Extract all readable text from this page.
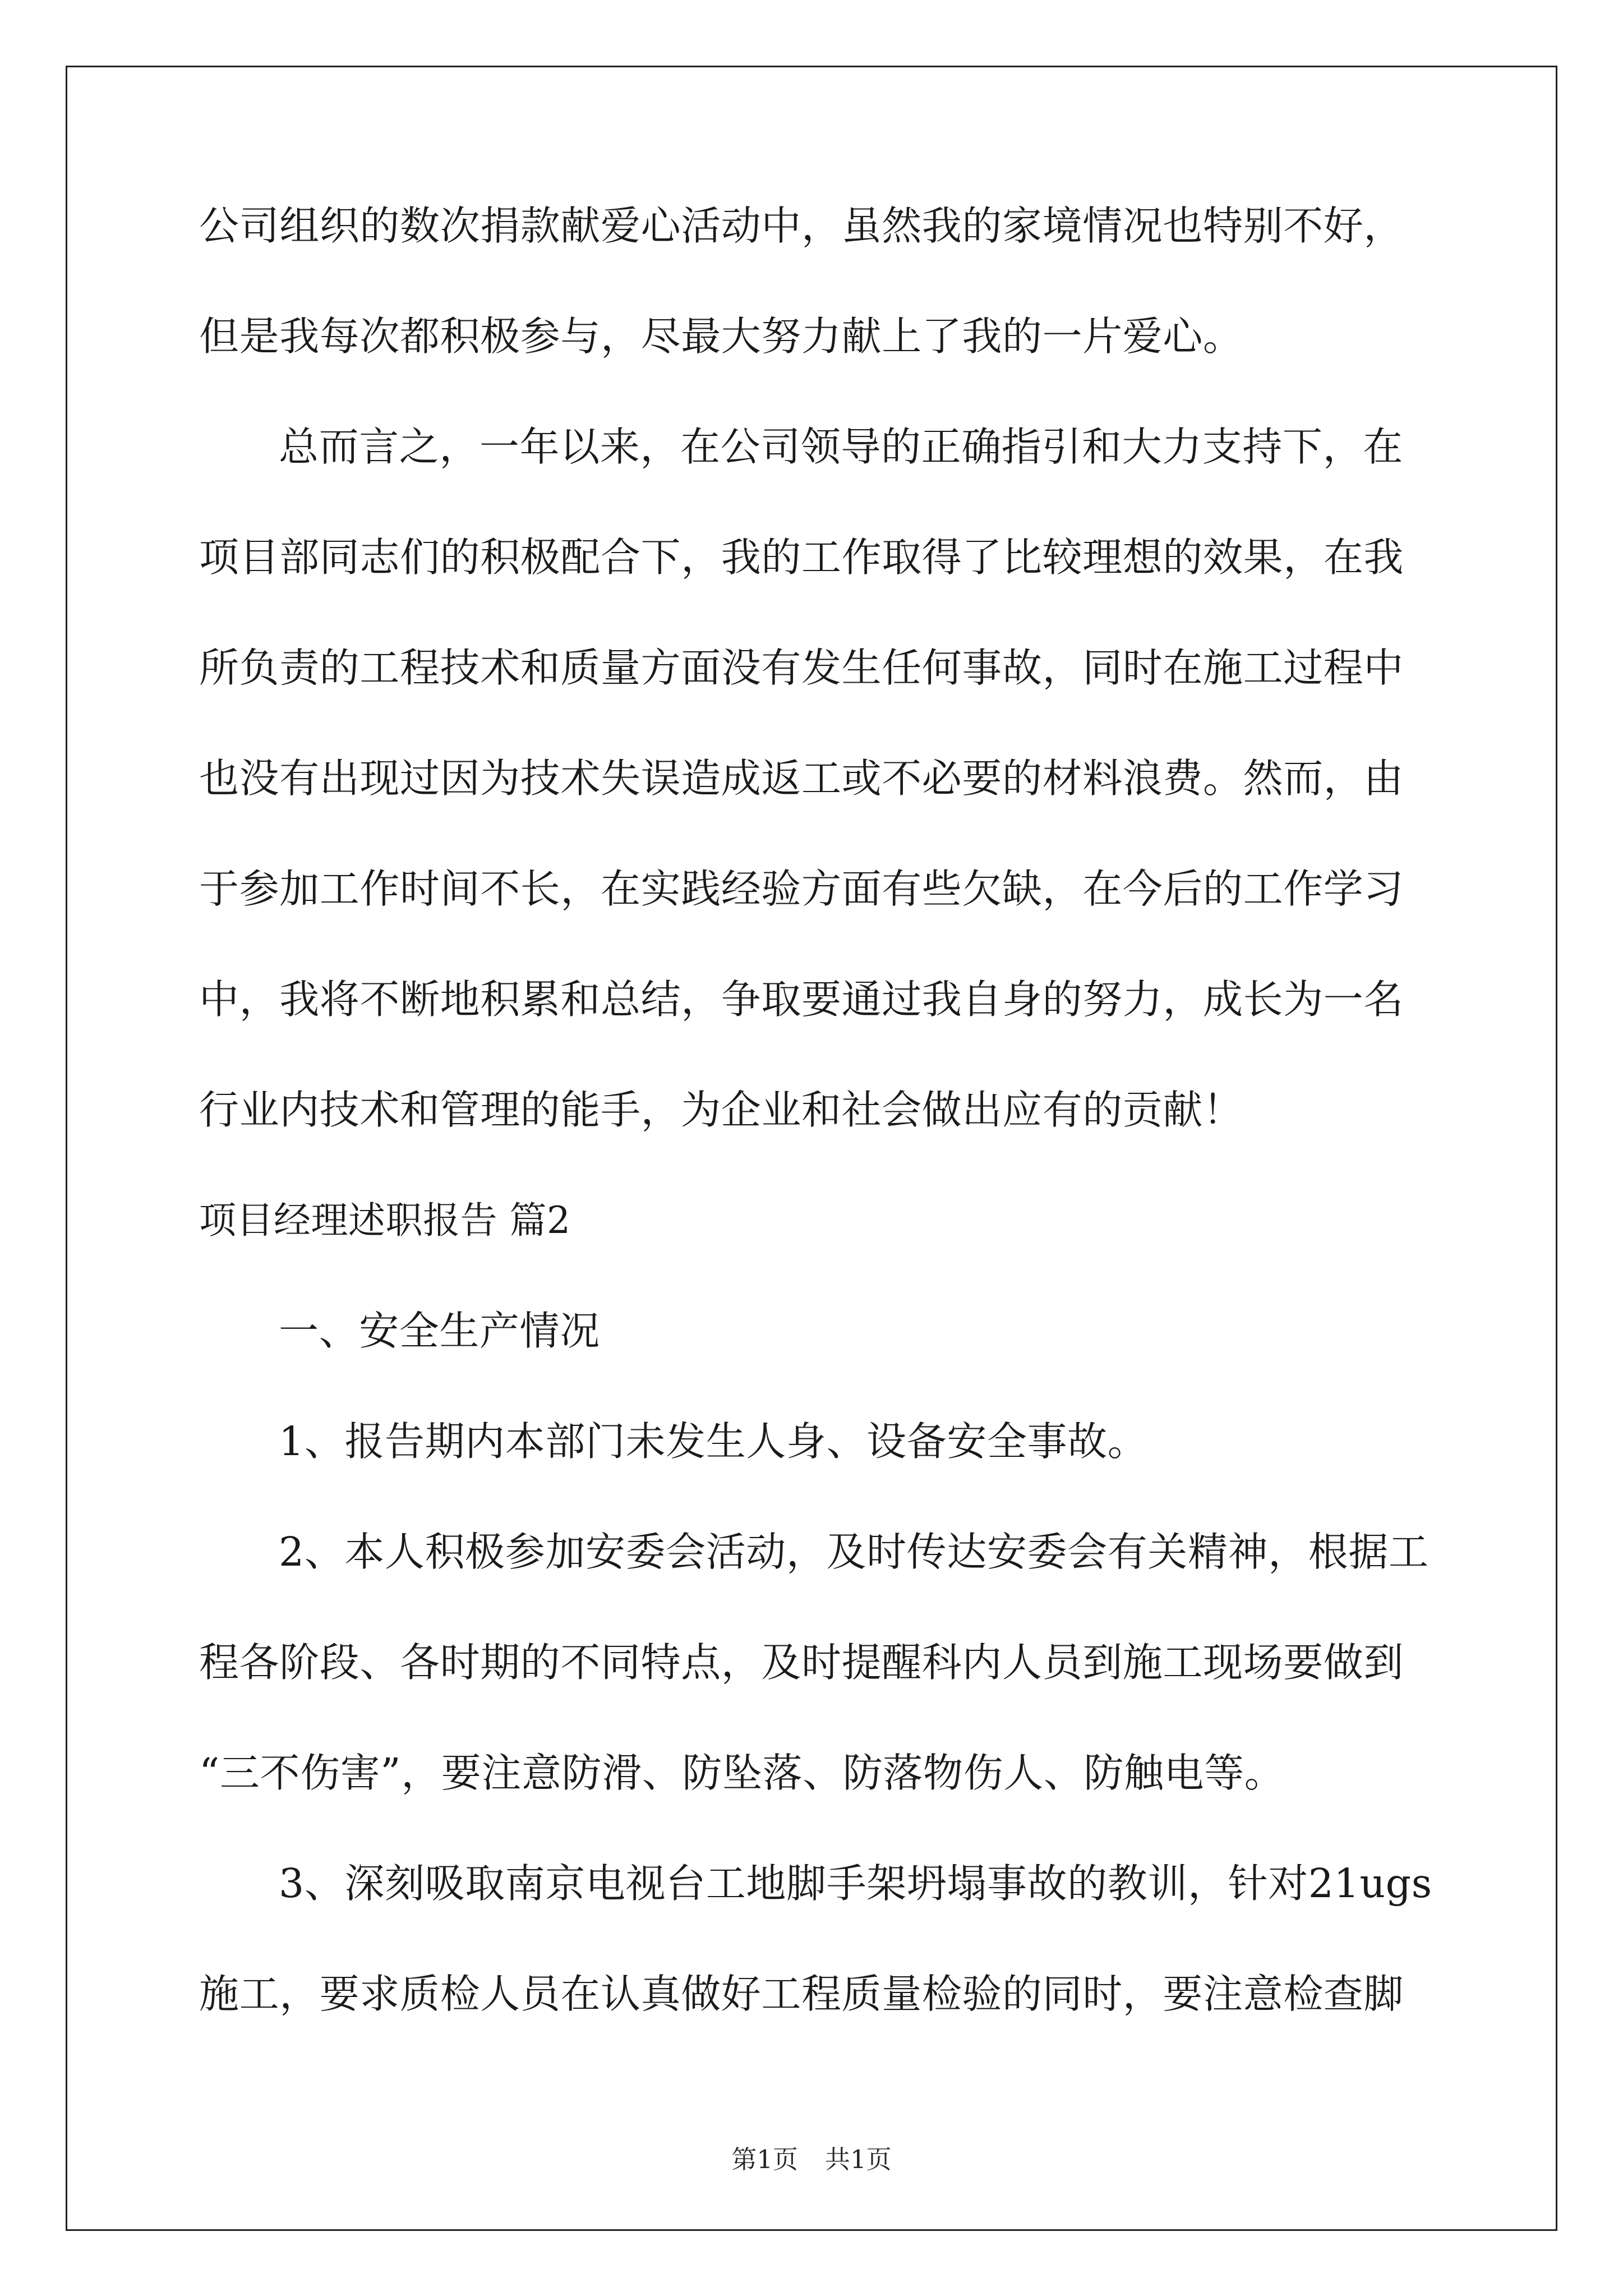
公司组织的数次捐款献爱心活动中，虽然我的家境情况也特别不好，
但是我每次都积极参与，尽最大努力献上了我的一片爱心。
总而言之，一年以来，在公司领导的正确指引和大力支持下，在
项目部同志们的积极配合下，我的工作取得了比较理想的效果，在我
所负责的工程技术和质量方面没有发生任何事故，同时在施工过程中
也没有出现过因为技术失误造成返工或不必要的材料浪费。然而，由
于参加工作时间不长，在实践经验方面有些欠缺，在今后的工作学习
中，我将不断地积累和总结，争取要通过我自身的努力，成长为一名
行业内技术和管理的能手，为企业和社会做出应有的贡献！
项目经理述职报告 篇2
一、安全生产情况
1、报告期内本部门未发生人身、设备安全事故。
2、本人积极参加安委会活动，及时传达安委会有关精神，根据工
程各阶段、各时期的不同特点，及时提醒科内人员到施工现场要做到
“三不伤害”，要注意防滑、防坠落、防落物伤人、防触电等。
3、深刻吸取南京电视台工地脚手架坍塌事故的教训，针对21ugs
施工，要求质检人员在认真做好工程质量检验的同时，要注意检查脚
第1页 共1页
